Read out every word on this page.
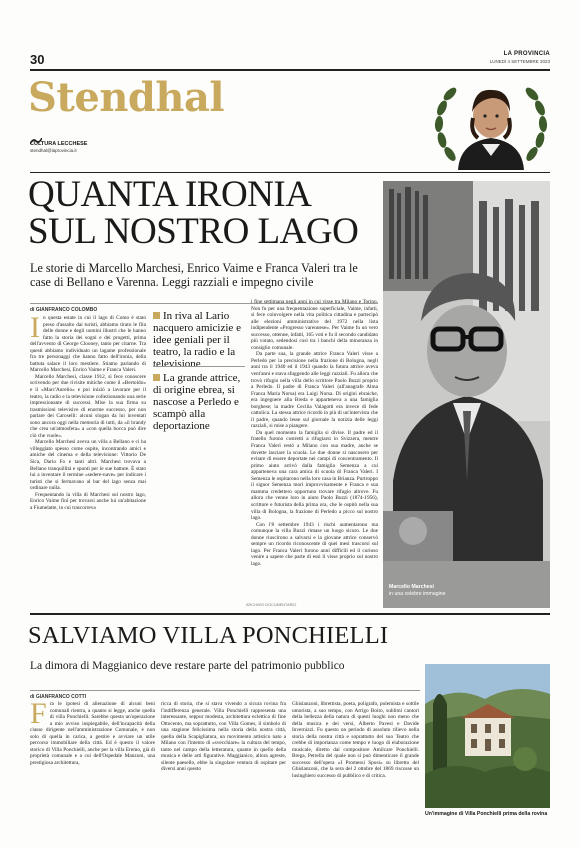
30	LA PROVINCIA
LUNEDÌ 4 SETTEMBRE 2023
Stendhal
CULTURA LECCHESE
stendhal@laprovincia.it
QUANTA IRONIA
SUL NOSTRO LAGO
Le storie di Marcello Marchesi, Enrico Vaime e Franca Valeri tra le case di Bellano e Varenna. Leggi razziali e impegno civile
Marcello Marchesi
in una celebre immagine
ARCHIVIO DOCUMENTARIO
di GIANFRANCO COLOMBO

In questa estate in cui il lago di Como è stato preso d'assalto dai turisti, abbiamo tirato le fila delle donne e degli uomini illustri che le hanno fatto la storia dei sogni e dei progetti, prima dell'avvento di George Clooney, tanto per citarne. Tra questi abbiamo individuato un lagame professionale fra tre personaggi che hanno fatto dell'ironia, della battuta salace il loro mestiere. Stiamo parlando di Marcello Marchesi, Enrico Vaime e Franca Valeri.

Marcello Marchesi, classe 1912, si fece conoscere scrivendo per due rivisite mitiche come il «Bertoldo» e il «Marc'Aurelio» e poi iniziò a lavorare per il teatro, la radio e la televisione collezionando una serie impressionante di successi. Mise la sua firma su trasmissioni televisive di enorme successo, per non parlare dei Caroselli: alcuni slogan da lui inventati sono ancora oggi nella memoria di tutti, da «il brandy che crea un'atmosfera» a «con quella bocca può dire ciò che vuole».

Marcello Marchesi aveva un villa a Bellano e ci ha villeggiato spesso come ospite, incontrando amici e amiche del cinema e della televisione: Vittorio De Sica, Dario Fo e tanti altri. Marchesi trovava a Bellano tranquillità e spunti per le sue battute. È stato lui a inventare il termine «sedere-nave» per indicare i turisti che si fermavano al bar del lago senza mai ordinare nulla.

Frequentando la villa di Marchesi sul nostro lago, Enrico Vaime finì per trovarsi anche lui un'abitazione a Fiumelatte, in cui trascorreva

In riva al Lario nacquero amicizie e idee geniali per il teatro, la radio e la televisione
La grande attrice, di origine ebrea, si nascose a Perledo e scampò alla deportazione

i fine settimana negli anni in cui visse tra Milano e Torino. Non fu per una frequentazione superficiale, Vaime, infatti, si fece coinvolgere nella vita politica cittadina e partecipò alle elezioni amministrative del 1972 nella lista indipendente «Progresso varennese». Per Vaime fu un vero successo, ottenne, infatti, 165 voti e fu il secondo candidato più votato, sedendosi così tra i banchi della minoranza in consiglio comunale.

Da parte sua, la grande attrice Franca Valeri visse a Perledo per la precisione nella frazione di Bologna, negli anni tra il 1940 ed il 1943 quando la futura attrice aveva vent'anni e stava sfuggendo alle leggi razziali. Fu allora che trovò rifugio nella villa dello scrittore Paolo Buzzi proprio a Perledo. Il padre di Franca Valeri (all'anagrafe Alma Franca Maria Norsa) era Luigi Norsa. Di origini ebraiche, era ingegnere alla Breda e apparteneva a una famiglia borghese; la madre Cecilia Valagotti era invece di fede cattolica. La stessa attrice ricordò in più di un'intervista che il padre, quando lesse sul giornale la notizia delle leggi razziali, si mise a piangere.

Da quel momento la famiglia si divise. Il padre ed il fratello furono costretti a rifugiarsi in Svizzera, mentre Franca Valeri restò a Milano con sua madre, anche se dovette lasciare la scuola. Le due donne si nascosero per evitare di essere deportate nei campi di concentramento. Il primo aiuto arrivò dalla famiglia Semenza a cui apparteneva una cara amica di scuola di Franca Valeri. I Semenza le ospitarono nella loro casa in Brianza. Purtroppo il signor Semenza morì improvvisamente e Franca e sua mamma credettero opportuno trovare rifugio altrove. Fu allora che venne loro in aiuto Paolo Buzzi (1874-1956), scrittore e futurista della prima ora, che le ospitò nella sua villa di Bologna, la frazione di Perledo a picco sul nostro lago.

Con l'8 settembre 1943 i rischi aumentarono ma comunque la villa Buzzi rimase un luogo sicuro. Le due donne riuscirono a salvarsi e la giovane attrice conservò sempre un ricordo riconoscente di quei mesi trascorsi sul lago. Per Franca Valeri furono anni difficili ed il curioso venire a sapere che parte di essi li visse proprio sul nostro lago.

SALVIAMO VILLA PONCHIELLI
La dimora di Maggianico deve restare parte del patrimonio pubblico
di GIANFRANCO COTTI

Fra le ipotesi di alienazione di alcuni beni comunali rientra, a quanto si legge, anche quella di villa Ponchielli. Sarebbe questa un'operazione a mio avviso inspiegabile, dell'incapacità della classe dirigente nell'amministrazione Comunale, e non solo di quella in carica, a gestire e avviare un utile percorso immobiliare della città. Ed è questo il valore storico di Villa Ponchielli, anche per la villa Eremo, già di proprietà comunale e a cui dell'Ospedale Manzoni, una prestigiosa architettura,

ricca di storia, che si stava vivendo a sicura rovina fra l'indifferenza generale. Villa Ponchielli rappresenta una interessante, seppur modesta, architettura eclettica di fine Ottocento, ma soprattutto, con Villa Gomes, il simbolo di una stagione felicissima nella storia della nostra città, quella della Scapigliatura, un movimento artistico nato a Milano con l'intento di «svecchiare» la cultura del tempo, tanto nel campo della letteratura, quanto in quello della musica e delle arti figurative. Maggianico, allora agreste, silente paesello, ebbe la singolare ventura di ospitare per diversi anni questo

Ghislanzoni, librettista, poeta, poligrafo, polemista e sottile umorista, a suo tempo, con Arrigo Boito, sublimi cantori della bellezza della natura di questi luoghi non meno che della musica e dei versi, Alberto Pavesi e Davide Invernizzi. Fu questo un periodo di assoluto rilievo nella storia della nostra città e soprattutto del suo Teatro che crebbe di importanza come tempo e luogo di elaborazione musicale, diretto dal compositore Amilcare Ponchielli. Brega, Petrella del quale non si può dimenticare il grande successo dell'opera «I Promessi Sposi» su libretto del Ghislanzoni, che la sera del 2 ottobre del 1869 riscosse un lusinghiero successo di pubblico e di critica.

Un'immagine di Villa Ponchielli prima della rovina
